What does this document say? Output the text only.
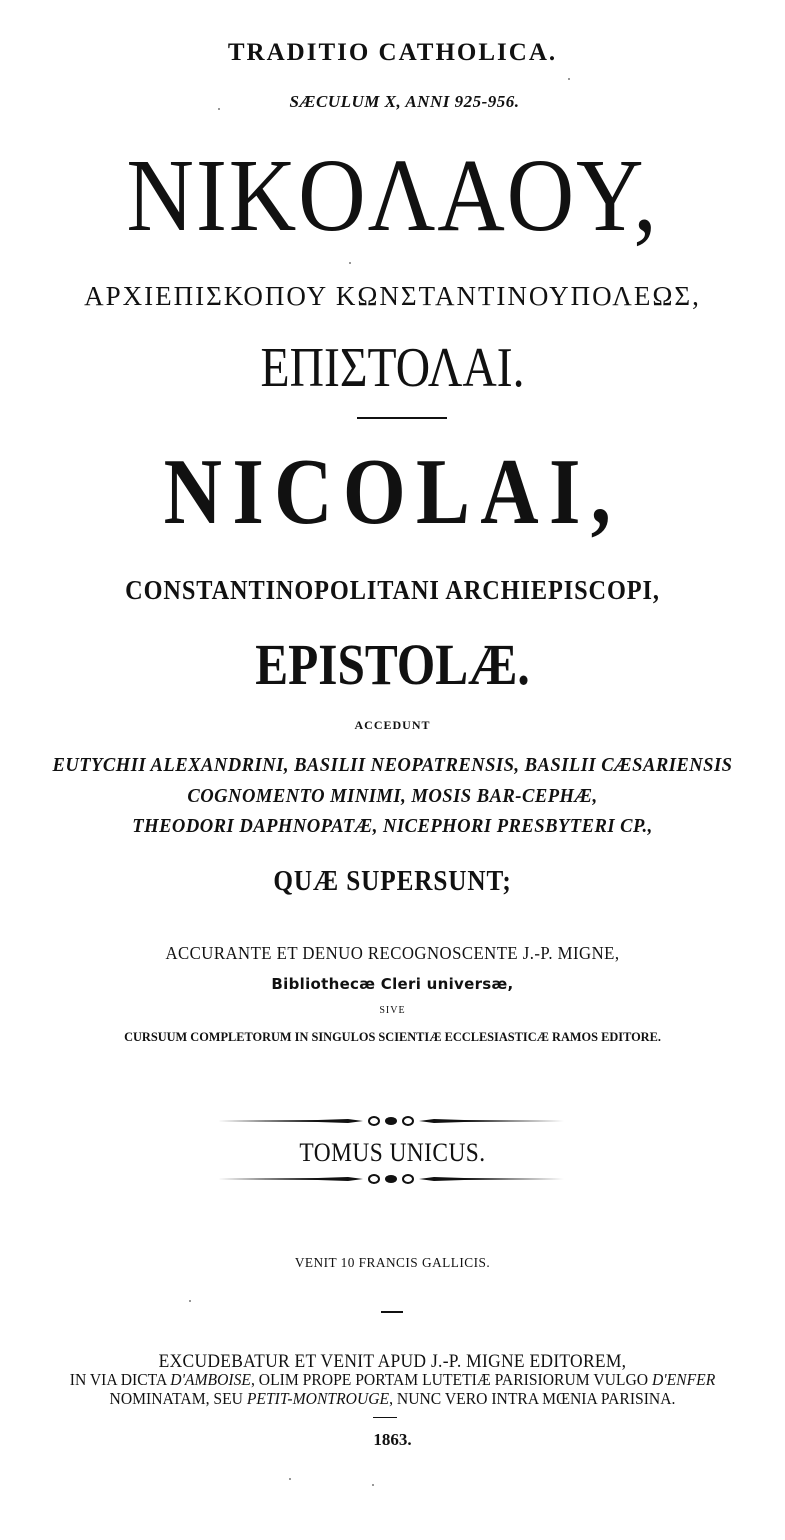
TRADITIO CATHOLICA.
SÆCULUM X, ANNI 925-956.
NIKOΛAOY,
ΑΡΧΙΕΠΙΣΚΟΠΟΥ ΚΩΝΣΤΑΝΤΙΝΟΥΠΟΛΕΩΣ,
ΕΠΙΣΤΟΛΑΙ.
NICOLAI,
CONSTANTINOPOLITANI ARCHIEPISCOPI,
EPISTOLÆ.
ACCEDUNT
EUTYCHII ALEXANDRINI, BASILII NEOPATRENSIS, BASILII CÆSARIENSIS
COGNOMENTO MINIMI, MOSIS BAR-CEPHÆ,
THEODORI DAPHNOPATÆ, NICEPHORI PRESBYTERI CP.,
QUÆ SUPERSUNT;
ACCURANTE ET DENUO RECOGNOSCENTE J.-P. MIGNE,
Bibliothecæ Cleri universæ,
SIVE
CURSUUM COMPLETORUM IN SINGULOS SCIENTIÆ ECCLESIASTICÆ RAMOS EDITORE.
TOMUS UNICUS.
VENIT 10 FRANCIS GALLICIS.
EXCUDEBATUR ET VENIT APUD J.-P. MIGNE EDITOREM,
IN VIA DICTA D'AMBOISE, OLIM PROPE PORTAM LUTETIÆ PARISIORUM VULGO D'ENFER
NOMINATAM, SEU PETIT-MONTROUGE, NUNC VERO INTRA MŒNIA PARISINA.
1863.
